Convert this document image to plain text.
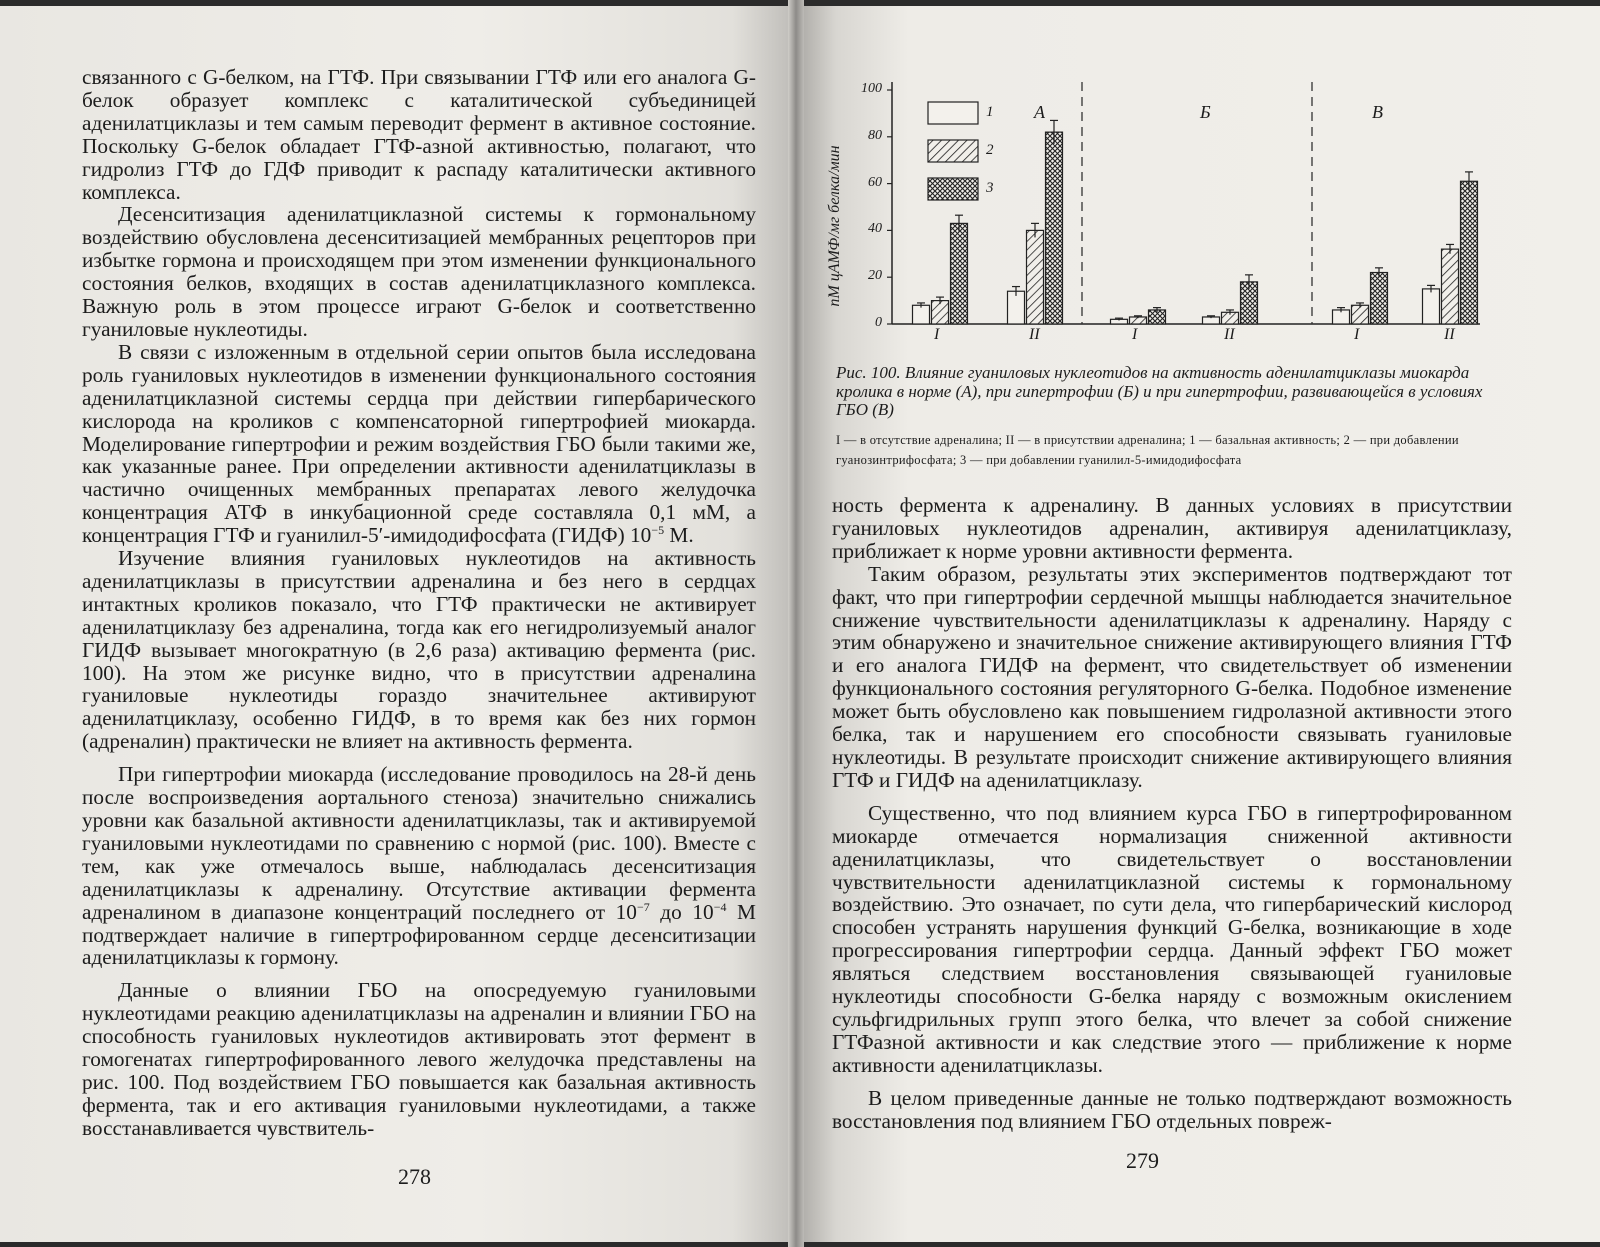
связанного с G-белком, на ГТФ. При связывании ГТФ или его аналога G-белок образует комплекс с каталитической субъединицей аденилатциклазы и тем самым переводит фермент в активное состояние. Поскольку G-белок обладает ГТФ-азной активностью, полагают, что гидролиз ГТФ до ГДФ приводит к распаду каталитически активного комплекса.

Десенситизация аденилатциклазной системы к гормональному воздействию обусловлена десенситизацией мембранных рецепторов при избытке гормона и происходящем при этом изменении функционального состояния белков, входящих в состав аденилатциклазного комплекса. Важную роль в этом процессе играют G-белок и соответственно гуаниловые нуклеотиды.

В связи с изложенным в отдельной серии опытов была исследована роль гуаниловых нуклеотидов в изменении функционального состояния аденилатциклазной системы сердца при действии гипербарического кислорода на кроликов с компенсаторной гипертрофией миокарда. Моделирование гипертрофии и режим воздействия ГБО были такими же, как указанные ранее. При определении активности аденилатциклазы в частично очищенных мембранных препаратах левого желудочка концентрация АТФ в инкубационной среде составляла 0,1 мМ, а концентрация ГТФ и гуанилил-5′-имидодифосфата (ГИДФ) $10^{-5}$ М.

Изучение влияния гуаниловых нуклеотидов на активность аденилатциклазы в присутствии адреналина и без него в сердцах интактных кроликов показало, что ГТФ практически не активирует аденилатциклазу без адреналина, тогда как его негидролизуемый аналог ГИДФ вызывает многократную (в 2,6 раза) активацию фермента (рис. 100). На этом же рисунке видно, что в присутствии адреналина гуаниловые нуклеотиды гораздо значительнее активируют аденилатциклазу, особенно ГИДФ, в то время как без них гормон (адреналин) практически не влияет на активность фермента.

При гипертрофии миокарда (исследование проводилось на 28-й день после воспроизведения аортального стеноза) значительно снижались уровни как базальной активности аденилатциклазы, так и активируемой гуаниловыми нуклеотидами по сравнению с нормой (рис. 100). Вместе с тем, как уже отмечалось выше, наблюдалась десенситизация аденилатциклазы к адреналину. Отсутствие активации фермента адреналином в диапазоне концентраций последнего от $10^{-7}$ до $10^{-4}$ М подтверждает наличие в гипертрофированном сердце десенситизации аденилатциклазы к гормону.

Данные о влиянии ГБО на опосредуемую гуаниловыми нуклеотидами реакцию аденилатциклазы на адреналин и влиянии ГБО на способность гуаниловых нуклеотидов активировать этот фермент в гомогенатах гипертрофированного левого желудочка представлены на рис. 100. Под воздействием ГБО повышается как базальная активность фермента, так и его активация гуаниловыми нуклеотидами, а также восстанавливается чувствитель-

278
пМ цАМФ/мг белка/мин
100
80
60
40
20
0
1
2
3
А	Б	В
I	II	I	II	I	II
Рис. 100. Влияние гуаниловых нуклеотидов на активность аденилатциклазы миокарда кролика в норме (А), при гипертрофии (Б) и при гипертрофии, развивающейся в условиях ГБО (В)
I — в отсутствие адреналина; II — в присутствии адреналина; 1 — базальная активность; 2 — при добавлении гуанозинтрифосфата; 3 — при добавлении гуанилил-5-имидодифосфата

ность фермента к адреналину. В данных условиях в присутствии гуаниловых нуклеотидов адреналин, активируя аденилатциклазу, приближает к норме уровни активности фермента.

Таким образом, результаты этих экспериментов подтверждают тот факт, что при гипертрофии сердечной мышцы наблюдается значительное снижение чувствительности аденилатциклазы к адреналину. Наряду с этим обнаружено и значительное снижение активирующего влияния ГТФ и его аналога ГИДФ на фермент, что свидетельствует об изменении функционального состояния регуляторного G-белка. Подобное изменение может быть обусловлено как повышением гидролазной активности этого белка, так и нарушением его способности связывать гуаниловые нуклеотиды. В результате происходит снижение активирующего влияния ГТФ и ГИДФ на аденилатциклазу.

Существенно, что под влиянием курса ГБО в гипертрофированном миокарде отмечается нормализация сниженной активности аденилатциклазы, что свидетельствует о восстановлении чувствительности аденилатциклазной системы к гормональному воздействию. Это означает, по сути дела, что гипербарический кислород способен устранять нарушения функций G-белка, возникающие в ходе прогрессирования гипертрофии сердца. Данный эффект ГБО может являться следствием восстановления связывающей гуаниловые нуклеотиды способности G-белка наряду с возможным окислением сульфгидрильных групп этого белка, что влечет за собой снижение ГТФазной активности и как следствие этого — приближение к норме активности аденилатциклазы.

В целом приведенные данные не только подтверждают возможность восстановления под влиянием ГБО отдельных повреж-

279
